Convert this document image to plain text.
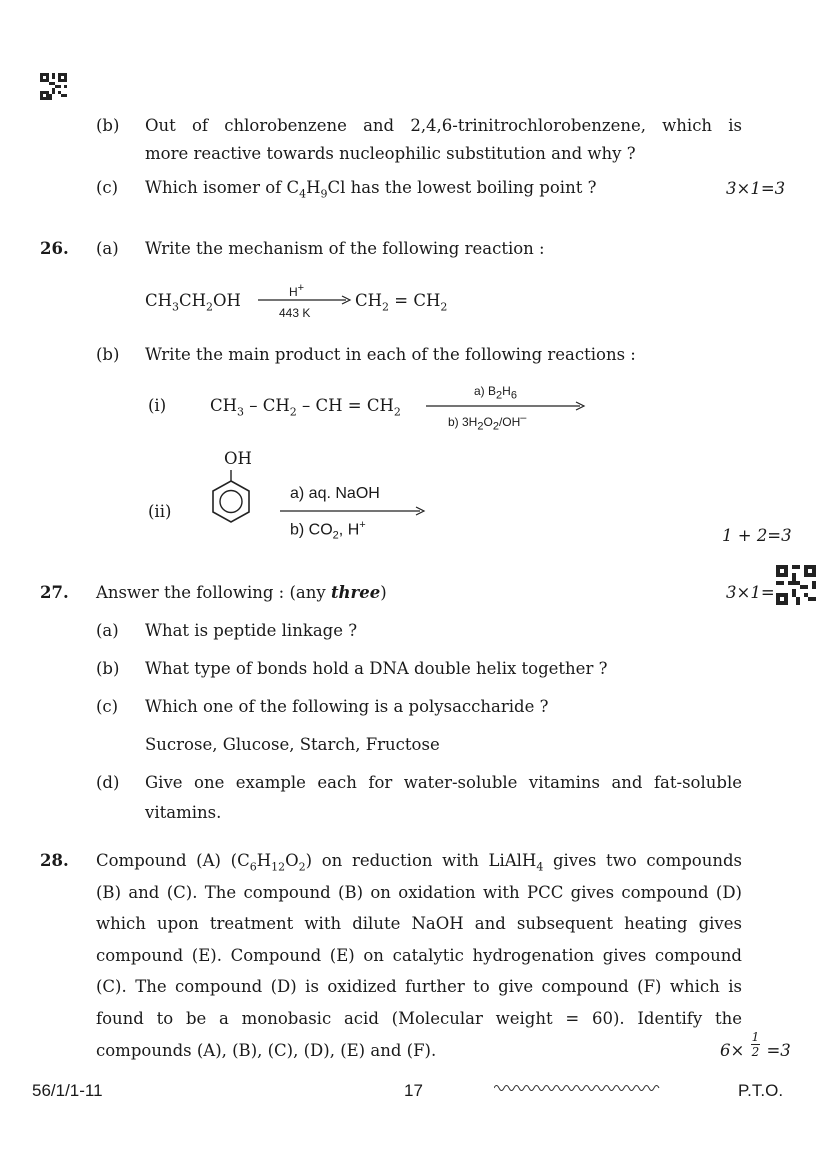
(b) Out of chlorobenzene and 2,4,6-trinitrochlorobenzene, which is
more reactive towards nucleophilic substitution and why ?
(c) Which isomer of $C_4H_9Cl$ has the lowest boiling point ?	3×1=3
26. (a) Write the mechanism of the following reaction :
$CH_3CH_2OH$	H+
443 K
$CH_2 = CH_2$
(b) Write the main product in each of the following reactions :
(i)	$CH_3 - CH_2$ – CH = $CH_2$
a) $B_2H_6$
b) $3H_2O_2/OH^-$
(ii)
OH
a) aq. NaOH
b) $CO_2$, H+
1 + 2=3
27. Answer the following : (any three)	3×1=
(a) What is peptide linkage ?
(b) What type of bonds hold a DNA double helix together ?
(c) Which one of the following is a polysaccharide ?
Sucrose, Glucose, Starch, Fructose
(d) Give one example each for water-soluble vitamins and fat-soluble
vitamins.
28. Compound (A) $(C_6H_{12}O_2)$ on reduction with LiAlH$_4$ gives two compounds
(B) and (C). The compound (B) on oxidation with PCC gives compound (D)
which upon treatment with dilute NaOH and subsequent heating gives
compound (E). Compound (E) on catalytic hydrogenation gives compound
(C). The compound (D) is oxidized further to give compound (F) which is
found to be a monobasic acid (Molecular weight = 60). Identify the
compounds (A), (B), (C), (D), (E) and (F).	$6\times \frac{1}{2} =3$
56/1/1-11	17	P.T.O.
